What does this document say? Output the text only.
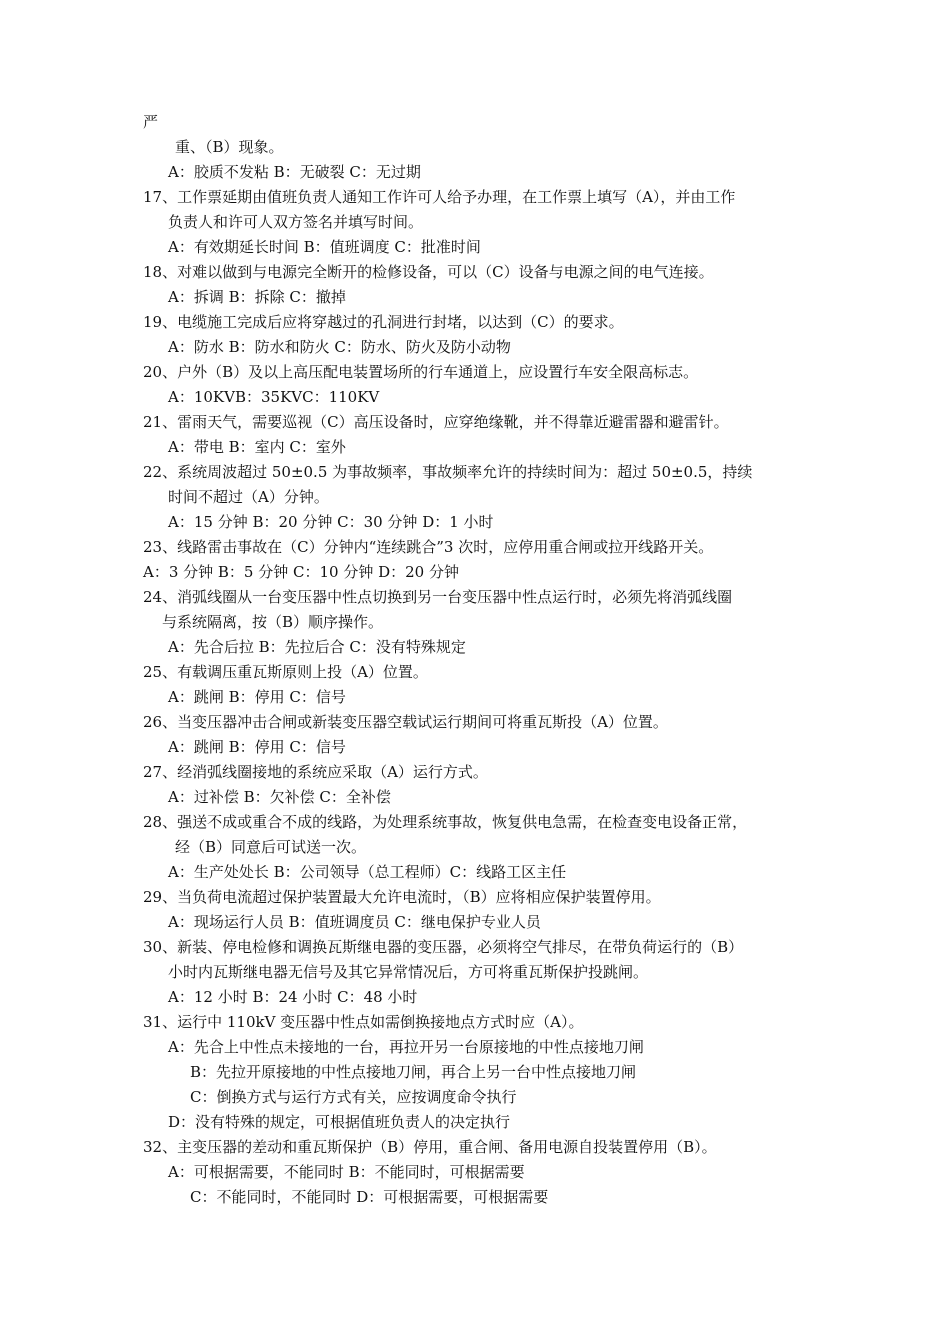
严
重、（B）现象。
A：胶质不发粘 B：无破裂 C：无过期
17、工作票延期由值班负责人通知工作许可人给予办理，在工作票上填写（A），并由工作
负责人和许可人双方签名并填写时间。
A：有效期延长时间 B：值班调度 C：批准时间
18、对难以做到与电源完全断开的检修设备，可以（C）设备与电源之间的电气连接。
A：拆调 B：拆除 C：撤掉
19、电缆施工完成后应将穿越过的孔洞进行封堵，以达到（C）的要求。
A：防水 B：防水和防火 C：防水、防火及防小动物
20、户外（B）及以上高压配电装置场所的行车通道上，应设置行车安全限高标志。
A：10KVB：35KVC：110KV
21、雷雨天气，需要巡视（C）高压设备时，应穿绝缘靴，并不得靠近避雷器和避雷针。
A：带电 B：室内 C：室外
22、系统周波超过 50±0.5 为事故频率，事故频率允许的持续时间为：超过 50±0.5，持续
时间不超过（A）分钟。
A：15 分钟 B：20 分钟 C：30 分钟 D：1 小时
23、线路雷击事故在（C）分钟内“连续跳合”3 次时，应停用重合闸或拉开线路开关。
A：3 分钟 B：5 分钟 C：10 分钟 D：20 分钟
24、消弧线圈从一台变压器中性点切换到另一台变压器中性点运行时，必须先将消弧线圈
与系统隔离，按（B）顺序操作。
A：先合后拉 B：先拉后合 C：没有特殊规定
25、有载调压重瓦斯原则上投（A）位置。
A：跳闸 B：停用 C：信号
26、当变压器冲击合闸或新装变压器空载试运行期间可将重瓦斯投（A）位置。
A：跳闸 B：停用 C：信号
27、经消弧线圈接地的系统应采取（A）运行方式。
A：过补偿 B：欠补偿 C：全补偿
28、强送不成或重合不成的线路，为处理系统事故，恢复供电急需，在检查变电设备正常，
经（B）同意后可试送一次。
A：生产处处长 B：公司领导（总工程师）C：线路工区主任
29、当负荷电流超过保护装置最大允许电流时，（B）应将相应保护装置停用。
A：现场运行人员 B：值班调度员 C：继电保护专业人员
30、新装、停电检修和调换瓦斯继电器的变压器，必须将空气排尽，在带负荷运行的（B）
小时内瓦斯继电器无信号及其它异常情况后，方可将重瓦斯保护投跳闸。
A：12 小时 B：24 小时 C：48 小时
31、运行中 110kV 变压器中性点如需倒换接地点方式时应（A）。
A：先合上中性点未接地的一台，再拉开另一台原接地的中性点接地刀闸
B：先拉开原接地的中性点接地刀闸，再合上另一台中性点接地刀闸
C：倒换方式与运行方式有关，应按调度命令执行
D：没有特殊的规定，可根据值班负责人的决定执行
32、主变压器的差动和重瓦斯保护（B）停用，重合闸、备用电源自投装置停用（B）。
A：可根据需要，不能同时 B：不能同时，可根据需要
C：不能同时，不能同时 D：可根据需要，可根据需要
